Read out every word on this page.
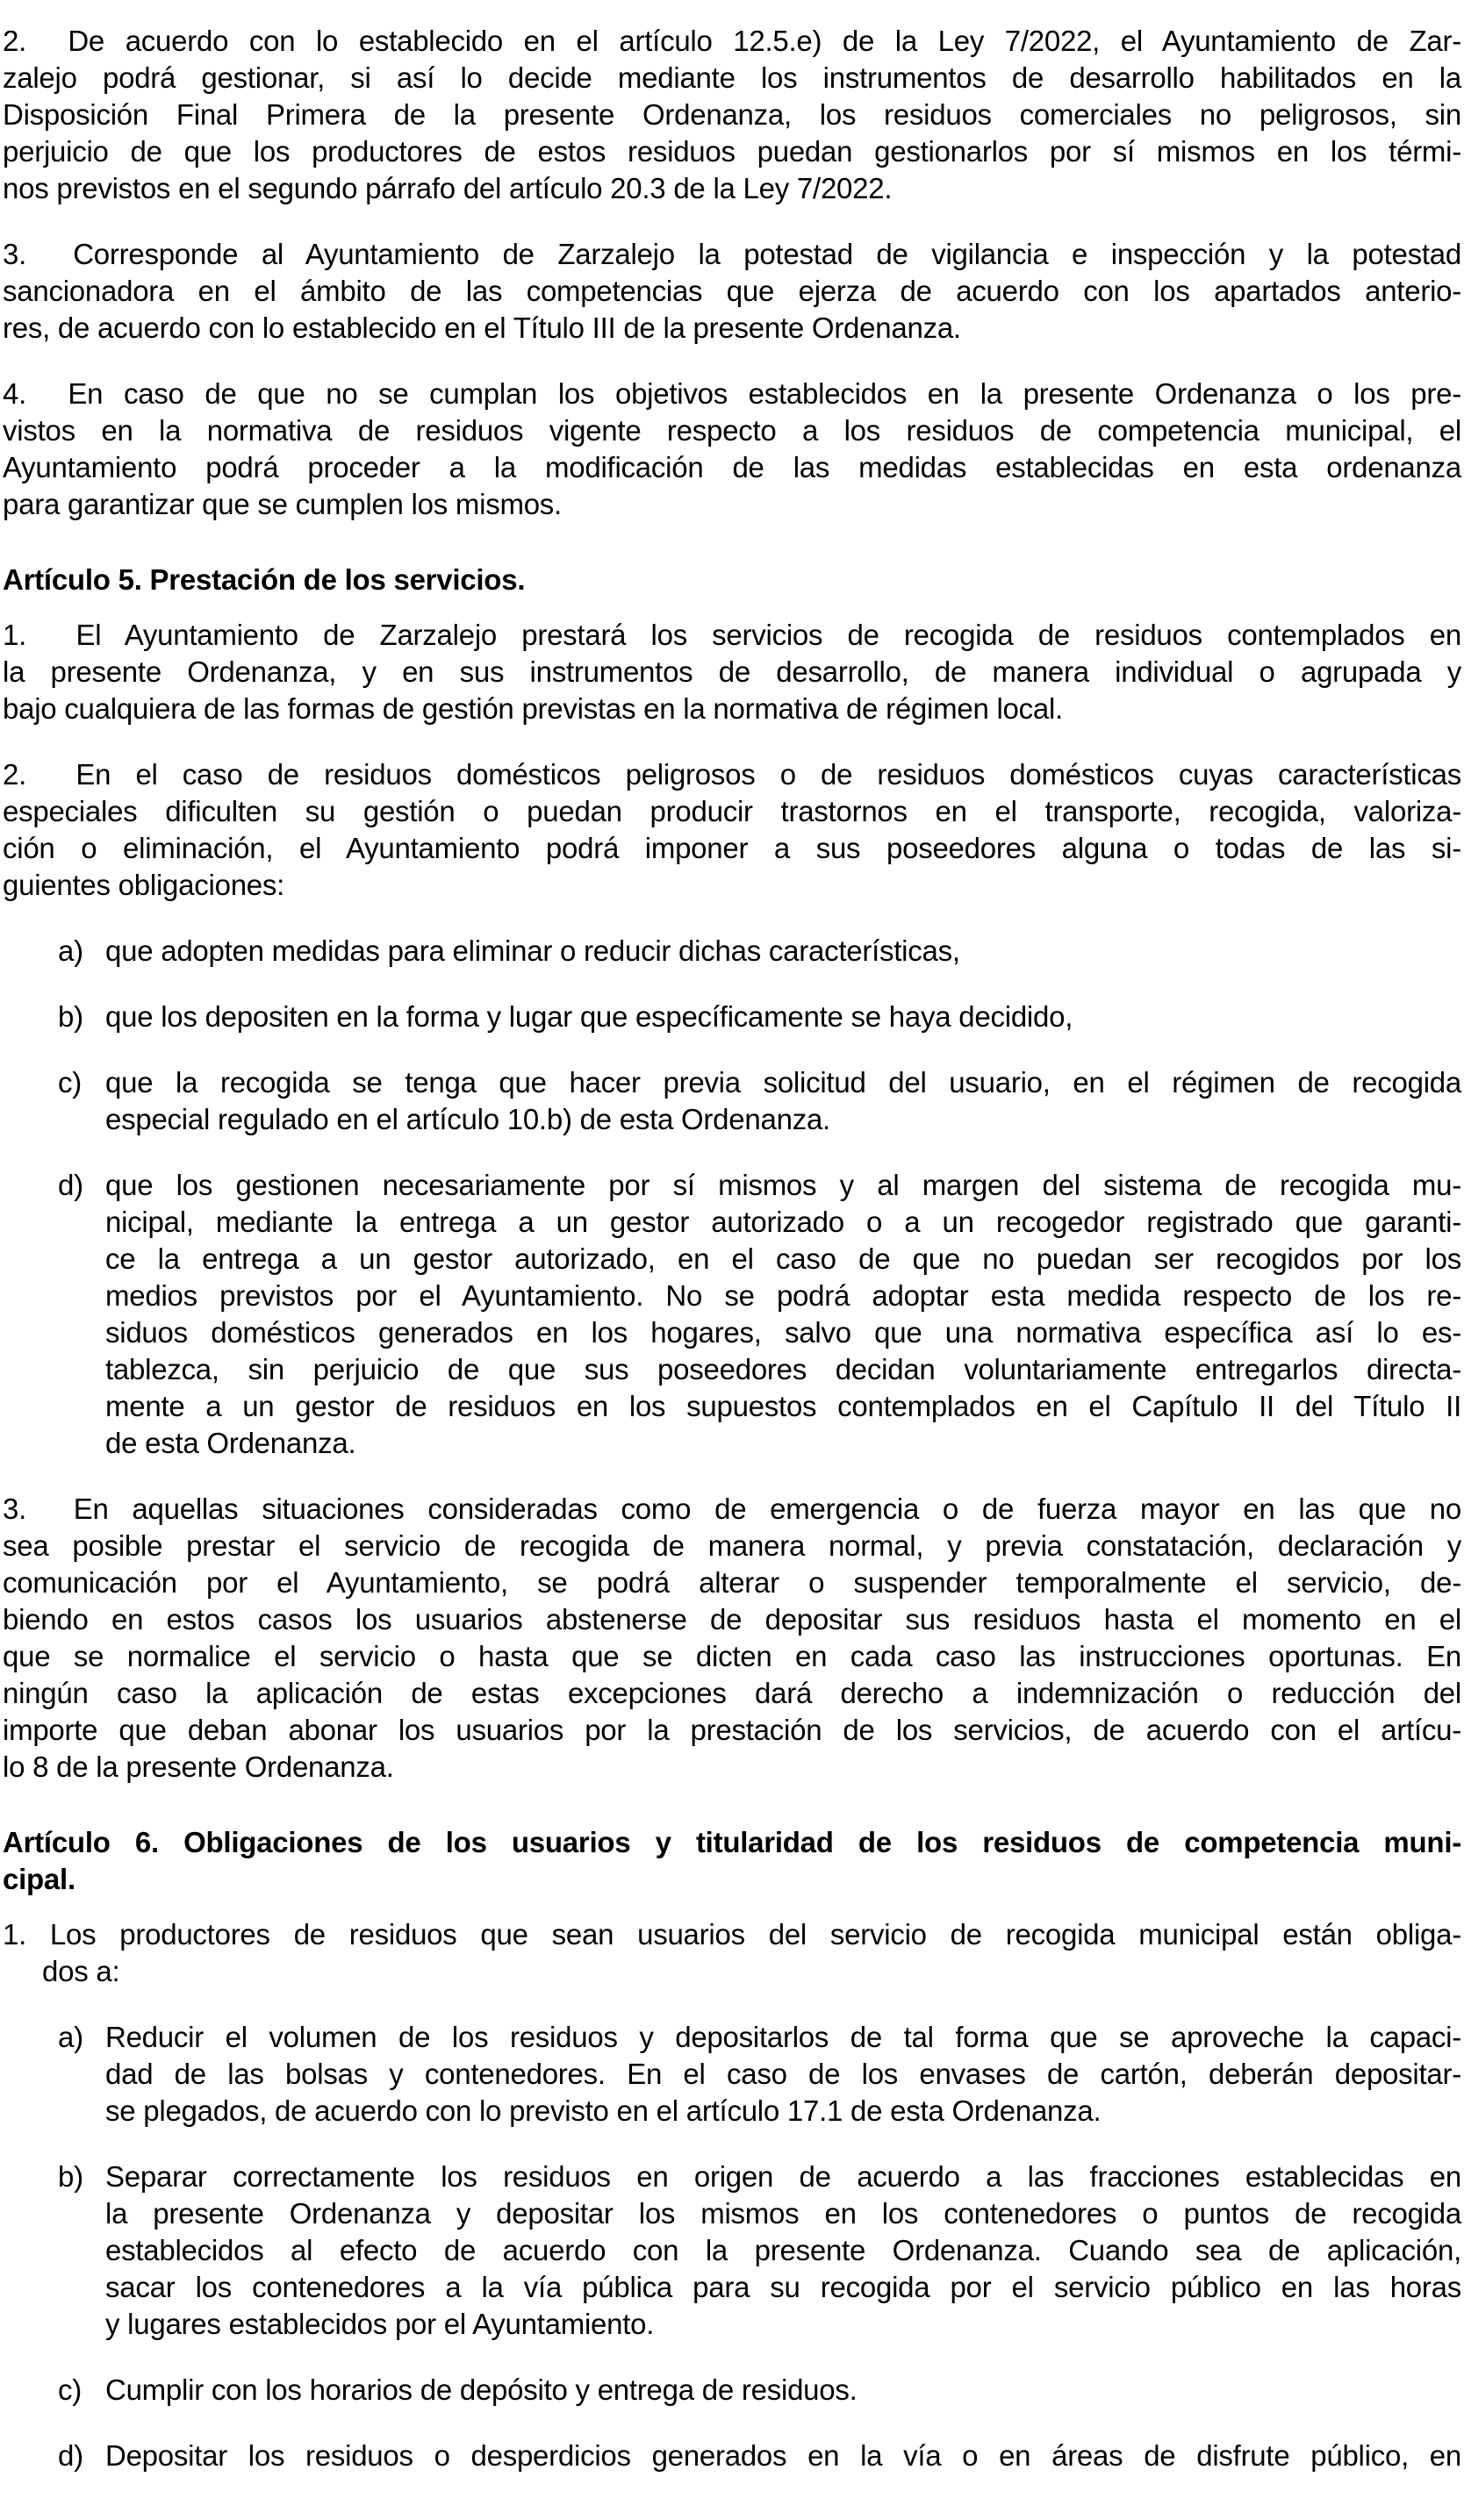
2.  De acuerdo con lo establecido en el artículo 12.5.e) de la Ley 7/2022, el Ayuntamiento de Zar-
zalejo podrá gestionar, si así lo decide mediante los instrumentos de desarrollo habilitados en la
Disposición Final Primera de la presente Ordenanza, los residuos comerciales no peligrosos, sin
perjuicio de que los productores de estos residuos puedan gestionarlos por sí mismos en los térmi-
nos previstos en el segundo párrafo del artículo 20.3 de la Ley 7/2022.
3.  Corresponde al Ayuntamiento de Zarzalejo la potestad de vigilancia e inspección y la potestad
sancionadora en el ámbito de las competencias que ejerza de acuerdo con los apartados anterio-
res, de acuerdo con lo establecido en el Título III de la presente Ordenanza.
4.  En caso de que no se cumplan los objetivos establecidos en la presente Ordenanza o los pre-
vistos en la normativa de residuos vigente respecto a los residuos de competencia municipal, el
Ayuntamiento podrá proceder a la modificación de las medidas establecidas en esta ordenanza
para garantizar que se cumplen los mismos.
Artículo 5. Prestación de los servicios.
1.  El Ayuntamiento de Zarzalejo prestará los servicios de recogida de residuos contemplados en
la presente Ordenanza, y en sus instrumentos de desarrollo, de manera individual o agrupada y
bajo cualquiera de las formas de gestión previstas en la normativa de régimen local.
2.  En el caso de residuos domésticos peligrosos o de residuos domésticos cuyas características
especiales dificulten su gestión o puedan producir trastornos en el transporte, recogida, valoriza-
ción o eliminación, el Ayuntamiento podrá imponer a sus poseedores alguna o todas de las si-
guientes obligaciones:
a) que adopten medidas para eliminar o reducir dichas características,
b) que los depositen en la forma y lugar que específicamente se haya decidido,
c) que la recogida se tenga que hacer previa solicitud del usuario, en el régimen de recogida
especial regulado en el artículo 10.b) de esta Ordenanza.
d) que los gestionen necesariamente por sí mismos y al margen del sistema de recogida mu-
nicipal, mediante la entrega a un gestor autorizado o a un recogedor registrado que garanti-
ce la entrega a un gestor autorizado, en el caso de que no puedan ser recogidos por los
medios previstos por el Ayuntamiento. No se podrá adoptar esta medida respecto de los re-
siduos domésticos generados en los hogares, salvo que una normativa específica así lo es-
tablezca, sin perjuicio de que sus poseedores decidan voluntariamente entregarlos directa-
mente a un gestor de residuos en los supuestos contemplados en el Capítulo II del Título II
de esta Ordenanza.
3.  En aquellas situaciones consideradas como de emergencia o de fuerza mayor en las que no
sea posible prestar el servicio de recogida de manera normal, y previa constatación, declaración y
comunicación por el Ayuntamiento, se podrá alterar o suspender temporalmente el servicio, de-
biendo en estos casos los usuarios abstenerse de depositar sus residuos hasta el momento en el
que se normalice el servicio o hasta que se dicten en cada caso las instrucciones oportunas. En
ningún caso la aplicación de estas excepciones dará derecho a indemnización o reducción del
importe que deban abonar los usuarios por la prestación de los servicios, de acuerdo con el artícu-
lo 8 de la presente Ordenanza.
Artículo 6. Obligaciones de los usuarios y titularidad de los residuos de competencia muni-
cipal.
1. Los productores de residuos que sean usuarios del servicio de recogida municipal están obliga-
dos a:
a) Reducir el volumen de los residuos y depositarlos de tal forma que se aproveche la capaci-
dad de las bolsas y contenedores. En el caso de los envases de cartón, deberán depositar-
se plegados, de acuerdo con lo previsto en el artículo 17.1 de esta Ordenanza.
b) Separar correctamente los residuos en origen de acuerdo a las fracciones establecidas en
la presente Ordenanza y depositar los mismos en los contenedores o puntos de recogida
establecidos al efecto de acuerdo con la presente Ordenanza. Cuando sea de aplicación,
sacar los contenedores a la vía pública para su recogida por el servicio público en las horas
y lugares establecidos por el Ayuntamiento.
c) Cumplir con los horarios de depósito y entrega de residuos.
d) Depositar los residuos o desperdicios generados en la vía o en áreas de disfrute público, en
